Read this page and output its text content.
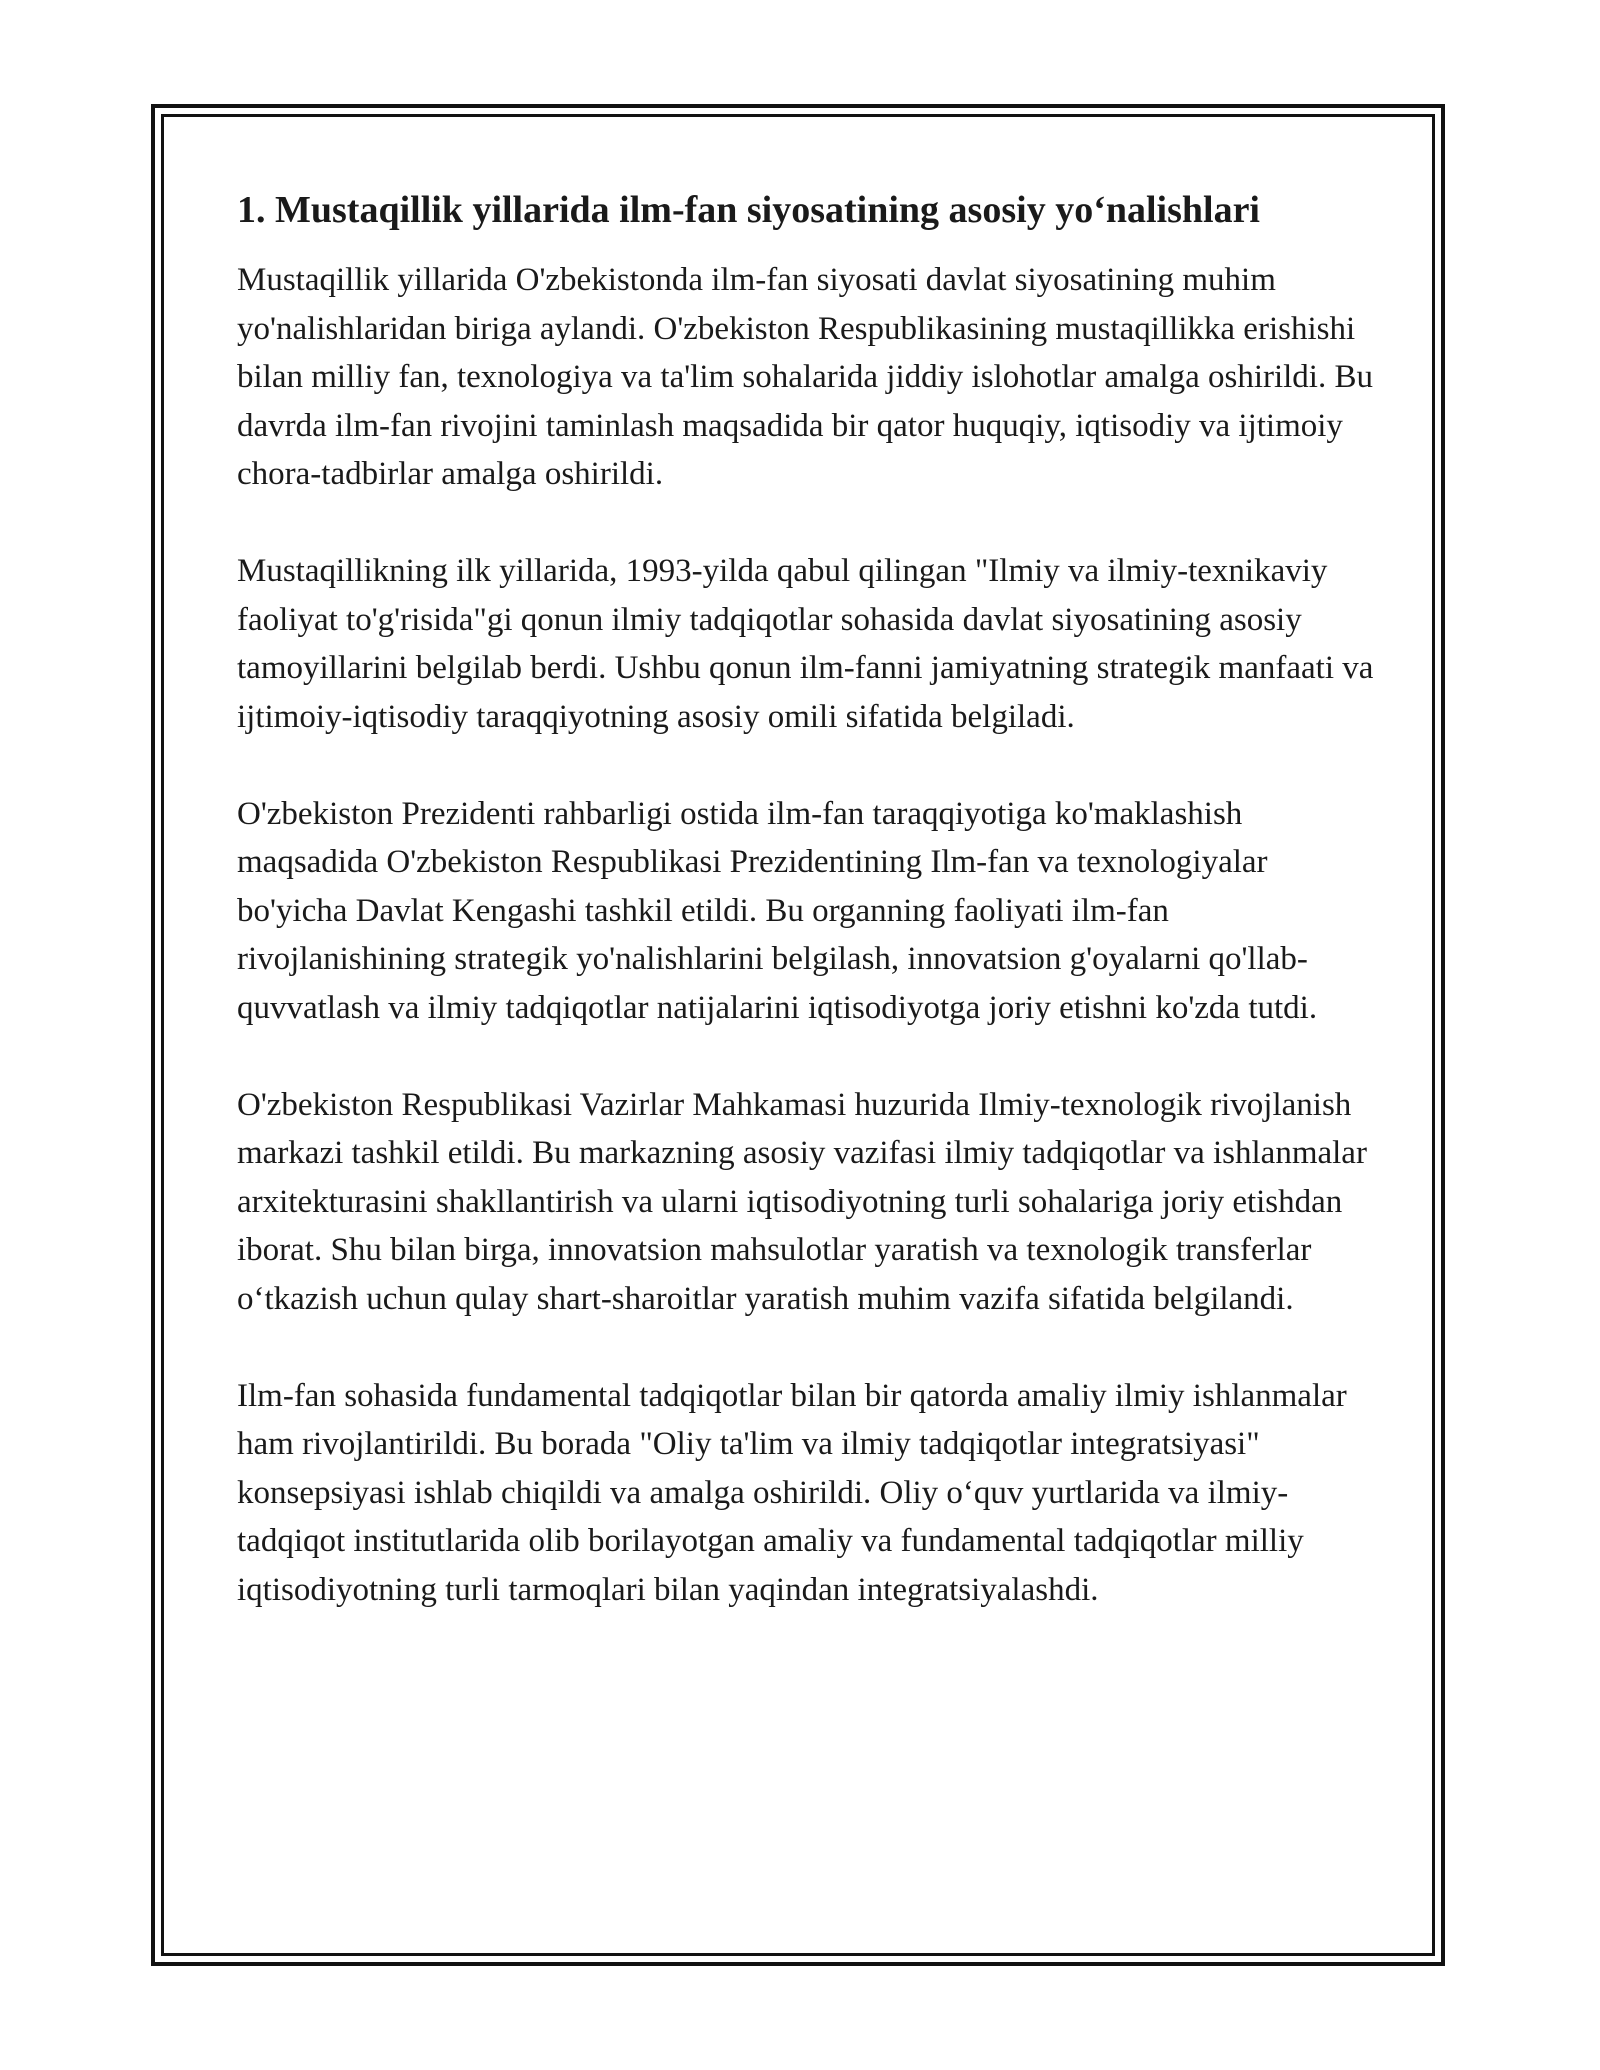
1. Mustaqillik yillarida ilm-fan siyosatining asosiy yo‘nalishlari

Mustaqillik yillarida O'zbekistonda ilm-fan siyosati davlat siyosatining muhim yo'nalishlaridan biriga aylandi. O'zbekiston Respublikasining mustaqillikka erishishi bilan milliy fan, texnologiya va ta'lim sohalarida jiddiy islohotlar amalga oshirildi. Bu davrda ilm-fan rivojini taminlash maqsadida bir qator huquqiy, iqtisodiy va ijtimoiy chora-tadbirlar amalga oshirildi.

Mustaqillikning ilk yillarida, 1993-yilda qabul qilingan "Ilmiy va ilmiy-texnikaviy faoliyat to'g'risida"gi qonun ilmiy tadqiqotlar sohasida davlat siyosatining asosiy tamoyillarini belgilab berdi. Ushbu qonun ilm-fanni jamiyatning strategik manfaati va ijtimoiy-iqtisodiy taraqqiyotning asosiy omili sifatida belgiladi.

O'zbekiston Prezidenti rahbarligi ostida ilm-fan taraqqiyotiga ko'maklashish maqsadida O'zbekiston Respublikasi Prezidentining Ilm-fan va texnologiyalar bo'yicha Davlat Kengashi tashkil etildi. Bu organning faoliyati ilm-fan rivojlanishining strategik yo'nalishlarini belgilash, innovatsion g'oyalarni qo'llab-quvvatlash va ilmiy tadqiqotlar natijalarini iqtisodiyotga joriy etishni ko'zda tutdi.

O'zbekiston Respublikasi Vazirlar Mahkamasi huzurida Ilmiy-texnologik rivojlanish markazi tashkil etildi. Bu markazning asosiy vazifasi ilmiy tadqiqotlar va ishlanmalar arxitekturasini shakllantirish va ularni iqtisodiyotning turli sohalariga joriy etishdan iborat. Shu bilan birga, innovatsion mahsulotlar yaratish va texnologik transferlar o‘tkazish uchun qulay shart-sharoitlar yaratish muhim vazifa sifatida belgilandi.

Ilm-fan sohasida fundamental tadqiqotlar bilan bir qatorda amaliy ilmiy ishlanmalar ham rivojlantirildi. Bu borada "Oliy ta'lim va ilmiy tadqiqotlar integratsiyasi" konsepsiyasi ishlab chiqildi va amalga oshirildi. Oliy o‘quv yurtlarida va ilmiy-tadqiqot institutlarida olib borilayotgan amaliy va fundamental tadqiqotlar milliy iqtisodiyotning turli tarmoqlari bilan yaqindan integratsiyalashdi.
